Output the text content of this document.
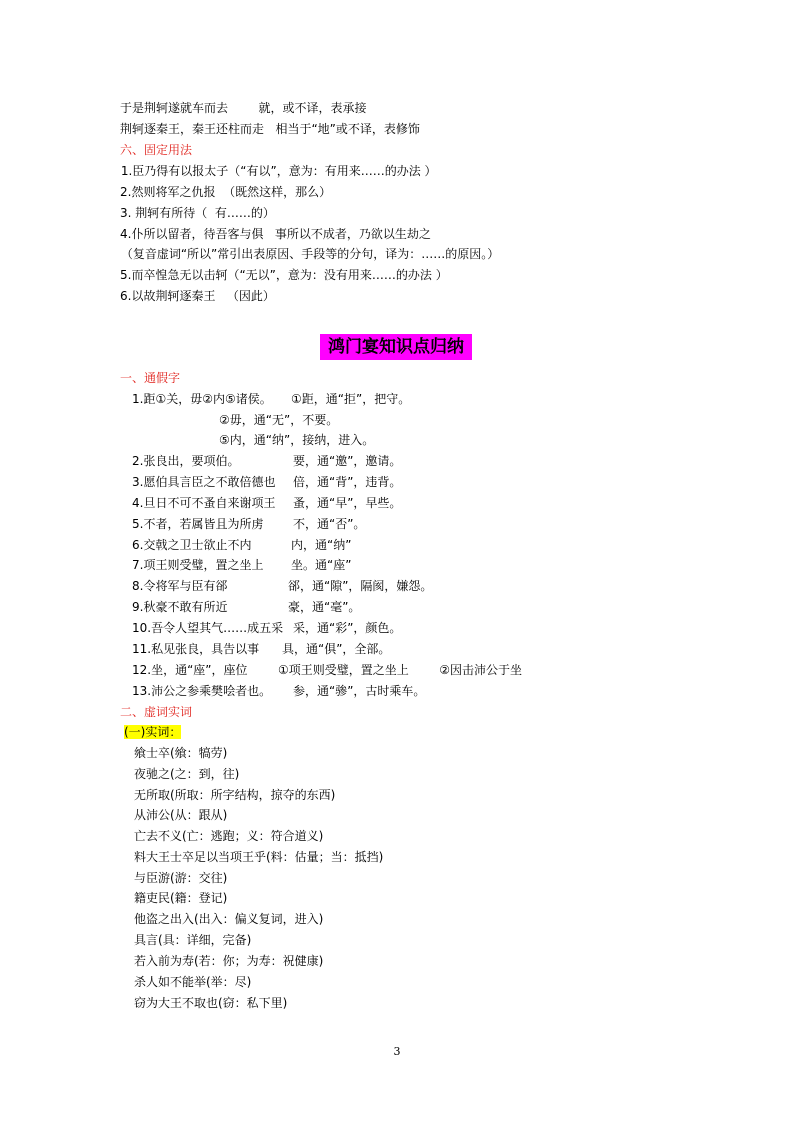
于是荆轲遂就车而去        就，或不译，表承接
荆轲逐秦王，秦王还柱而走   相当于“地”或不译，表修饰
六、固定用法
1.臣乃得有以报太子（“有以”，意为：有用来……的办法 ）
2.然则将军之仇报  （既然这样，那么）
3. 荆轲有所待（  有……的）
4.仆所以留者，待吾客与俱   事所以不成者，乃欲以生劫之
（复音虚词“所以”常引出表原因、手段等的分句，译为：……的原因。）
5.而卒惶急无以击轲（“无以”，意为：没有用来……的办法 ）
6.以故荆轲逐秦王   （因此）
鸿门宴知识点归纳
一、通假字
1.距①关，毋②内⑤诸侯。 ①距，通“拒”，把守。
②毋，通“无”，不要。
⑤内，通“纳”，接纳，进入。
2.张良出，要项伯。	要，通“邀”，邀请。
3.愿伯具言臣之不敢倍德也 倍，通“背”，违背。
4.旦日不可不蚤自来谢项王 蚤，通“早”，早些。
5.不者，若属皆且为所虏 不，通“否”。
6.交戟之卫士欲止不内	内，通“纳”
7.项王则受璧，置之坐上 坐。通“座”
8.令将军与臣有郤	郤，通“隙”，隔阂，嫌怨。
9.秋豪不敢有所近	豪，通“毫”。
10.吾令人望其气……成五采 采，通“彩”，颜色。
11.私见张良，具告以事 具，通“俱”，全部。
12.坐，通“座”，座位	①项王则受璧，置之坐上        ②因击沛公于坐
13.沛公之参乘樊哙者也。 参，通“骖”，古时乘车。
二、虚词实词
(一)实词：
飨士卒(飨：犒劳)
夜驰之(之：到，往)
无所取(所取：所字结构，掠夺的东西)
从沛公(从：跟从)
亡去不义(亡：逃跑；义：符合道义)
料大王士卒足以当项王乎(料：估量；当：抵挡)
与臣游(游：交往)
籍吏民(籍：登记)
他盗之出入(出入：偏义复词，进入)
具言(具：详细，完备)
若入前为寿(若：你；为寿：祝健康)
杀人如不能举(举：尽)
窃为大王不取也(窃：私下里)
3
